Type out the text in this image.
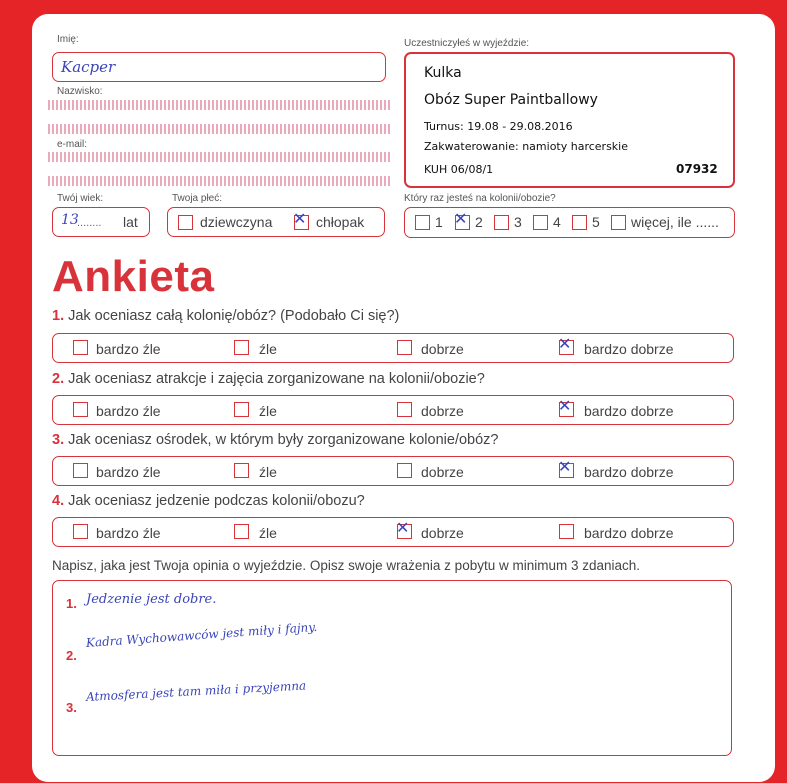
Imię:
Kacper
Nazwisko:
e-mail:
Twój wiek:
13
........ lat
Twoja płeć:
dziewczyna ✕ chłopak
Uczestniczyłeś w wyjeździe:
Kulka
Obóz Super Paintballowy
Turnus: 19.08 - 29.08.2016
Zakwaterowanie: namioty harcerskie
KUH 06/08/1	07932
Który raz jesteś na kolonii/obozie?
1 ✕ 2 3 4 5 więcej, ile ......
Ankieta
1. Jak oceniasz całą kolonię/obóz? (Podobało Ci się?)
bardzo źle	źle	dobrze	✕ bardzo dobrze
2. Jak oceniasz atrakcje i zajęcia zorganizowane na kolonii/obozie?
bardzo źle	źle	dobrze	✕ bardzo dobrze
3. Jak oceniasz ośrodek, w którym były zorganizowane kolonie/obóz?
bardzo źle	źle	dobrze	✕ bardzo dobrze
4. Jak oceniasz jedzenie podczas kolonii/obozu?
bardzo źle	źle	✕ dobrze	bardzo dobrze
Napisz, jaka jest Twoja opinia o wyjeździe. Opisz swoje wrażenia z pobytu w minimum 3 zdaniach.
1. Jedzenie jest dobre.
2.
Kadra Wychowawców jest miły i fajny.
3.
Atmosfera jest tam miła i przyjemna
